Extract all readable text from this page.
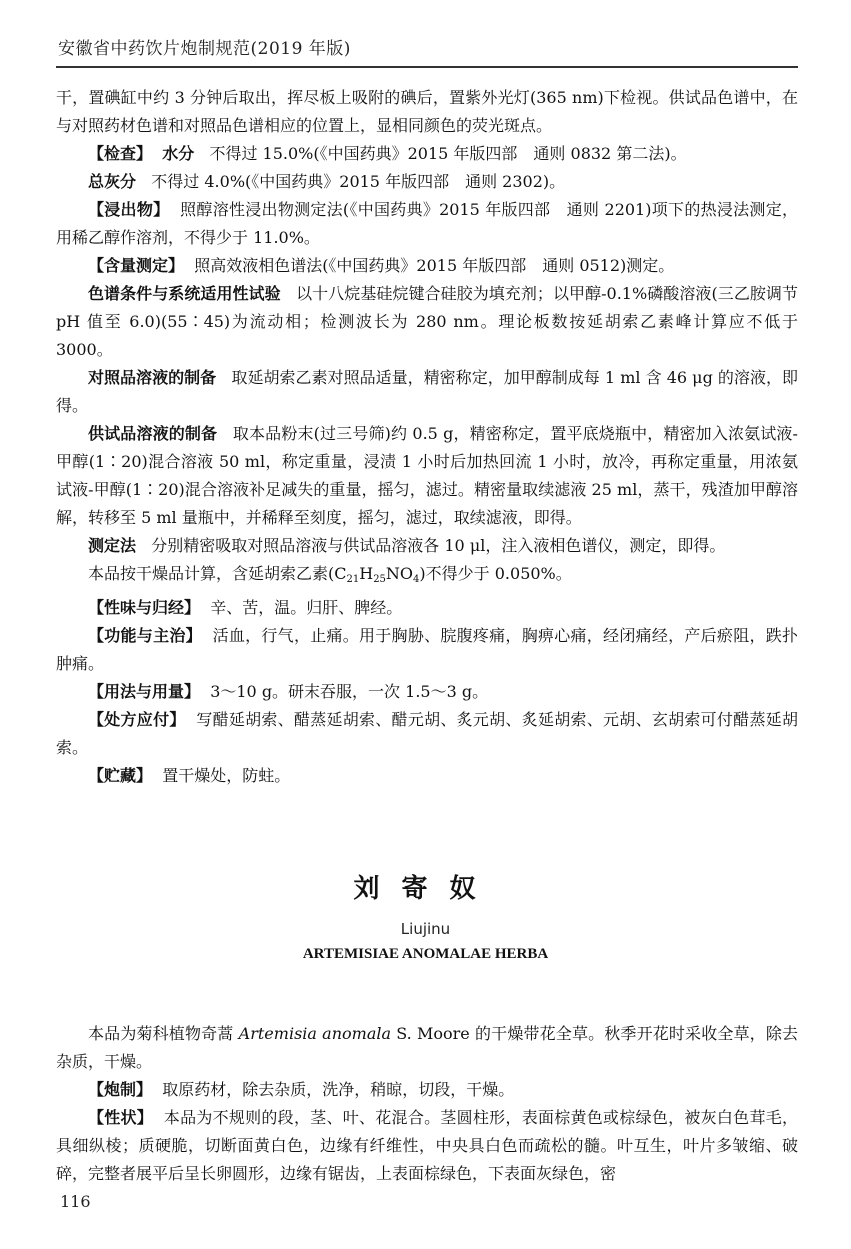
安徽省中药饮片炮制规范(2019 年版)

干，置碘缸中约 3 分钟后取出，挥尽板上吸附的碘后，置紫外光灯(365 nm)下检视。供试品色谱中，在与对照药材色谱和对照品色谱相应的位置上，显相同颜色的荧光斑点。

【检查】 水分 不得过 15.0%(《中国药典》2015 年版四部　通则 0832 第二法)。

总灰分 不得过 4.0%(《中国药典》2015 年版四部　通则 2302)。

【浸出物】 照醇溶性浸出物测定法(《中国药典》2015 年版四部　通则 2201)项下的热浸法测定，用稀乙醇作溶剂，不得少于 11.0%。

【含量测定】 照高效液相色谱法(《中国药典》2015 年版四部　通则 0512)测定。

色谱条件与系统适用性试验 以十八烷基硅烷键合硅胶为填充剂；以甲醇-0.1%磷酸溶液(三乙胺调节 pH 值至 6.0)(55∶45)为流动相；检测波长为 280 nm。理论板数按延胡索乙素峰计算应不低于 3000。

对照品溶液的制备 取延胡索乙素对照品适量，精密称定，加甲醇制成每 1 ml 含 46 μg 的溶液，即得。

供试品溶液的制备 取本品粉末(过三号筛)约 0.5 g，精密称定，置平底烧瓶中，精密加入浓氨试液-甲醇(1∶20)混合溶液 50 ml，称定重量，浸渍 1 小时后加热回流 1 小时，放冷，再称定重量，用浓氨试液-甲醇(1∶20)混合溶液补足减失的重量，摇匀，滤过。精密量取续滤液 25 ml，蒸干，残渣加甲醇溶解，转移至 5 ml 量瓶中，并稀释至刻度，摇匀，滤过，取续滤液，即得。

测定法 分别精密吸取对照品溶液与供试品溶液各 10 μl，注入液相色谱仪，测定，即得。

本品按干燥品计算，含延胡索乙素$(C_{21}H_{25}NO_4)$不得少于 0.050%。

【性味与归经】 辛、苦，温。归肝、脾经。

【功能与主治】 活血，行气，止痛。用于胸胁、脘腹疼痛，胸痹心痛，经闭痛经，产后瘀阻，跌扑肿痛。

【用法与用量】 3～10 g。研末吞服，一次 1.5～3 g。

【处方应付】 写醋延胡索、醋蒸延胡索、醋元胡、炙元胡、炙延胡索、元胡、玄胡索可付醋蒸延胡索。

【贮藏】 置干燥处，防蛀。

刘寄奴
Liujinu
ARTEMISIAE ANOMALAE HERBA

本品为菊科植物奇蒿 Artemisia anomala S. Moore 的干燥带花全草。秋季开花时采收全草，除去杂质，干燥。

【炮制】 取原药材，除去杂质，洗净，稍晾，切段，干燥。

【性状】 本品为不规则的段，茎、叶、花混合。茎圆柱形，表面棕黄色或棕绿色，被灰白色茸毛，具细纵棱；质硬脆，切断面黄白色，边缘有纤维性，中央具白色而疏松的髓。叶互生，叶片多皱缩、破碎，完整者展平后呈长卵圆形，边缘有锯齿，上表面棕绿色，下表面灰绿色，密

116
